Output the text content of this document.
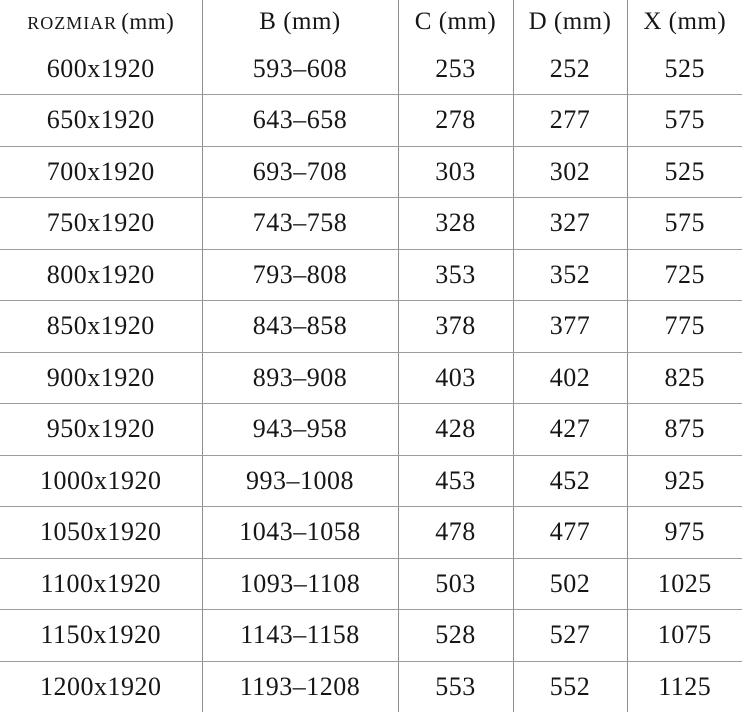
ROZMIAR (mm)	B (mm)	C (mm)	D (mm)	X (mm)
600x1920	593–608	253	252	525
650x1920	643–658	278	277	575
700x1920	693–708	303	302	525
750x1920	743–758	328	327	575
800x1920	793–808	353	352	725
850x1920	843–858	378	377	775
900x1920	893–908	403	402	825
950x1920	943–958	428	427	875
1000x1920	993–1008	453	452	925
1050x1920	1043–1058	478	477	975
1100x1920	1093–1108	503	502	1025
1150x1920	1143–1158	528	527	1075
1200x1920	1193–1208	553	552	1125
